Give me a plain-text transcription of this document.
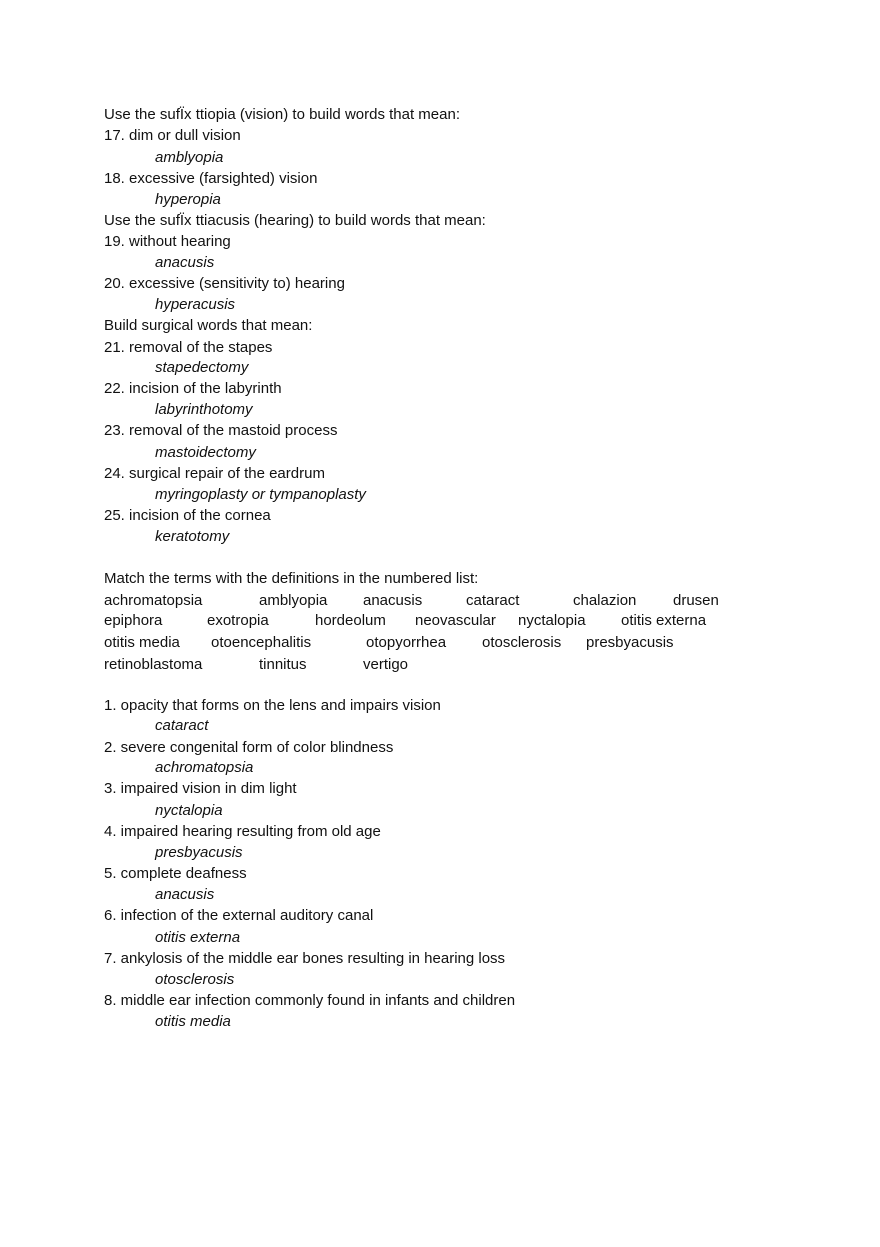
Use the sufÏx ttiopia (vision) to build words that mean:
17. dim or dull vision
amblyopia
18. excessive (farsighted) vision
hyperopia
Use the sufÏx ttiacusis (hearing) to build words that mean:
19. without hearing
anacusis
20. excessive (sensitivity to) hearing
hyperacusis
Build surgical words that mean:
21. removal of the stapes
stapedectomy
22. incision of the labyrinth
labyrinthotomy
23. removal of the mastoid process
mastoidectomy
24. surgical repair of the eardrum
myringoplasty or tympanoplasty
25. incision of the cornea
keratotomy
Match the terms with the definitions in the numbered list:
achromatopsia	amblyopia anacusis	cataract	chalazion drusen
epiphora	exotropia	hordeolum neovascular nyctalopia otitis externa
otitis media otoencephalitis	otopyorrhea otosclerosis presbyacusis
retinoblastoma	tinnitus	vertigo
1. opacity that forms on the lens and impairs vision
cataract
2. severe congenital form of color blindness
achromatopsia
3. impaired vision in dim light
nyctalopia
4. impaired hearing resulting from old age
presbyacusis
5. complete deafness
anacusis
6. infection of the external auditory canal
otitis externa
7. ankylosis of the middle ear bones resulting in hearing loss
otosclerosis
8. middle ear infection commonly found in infants and children
otitis media
